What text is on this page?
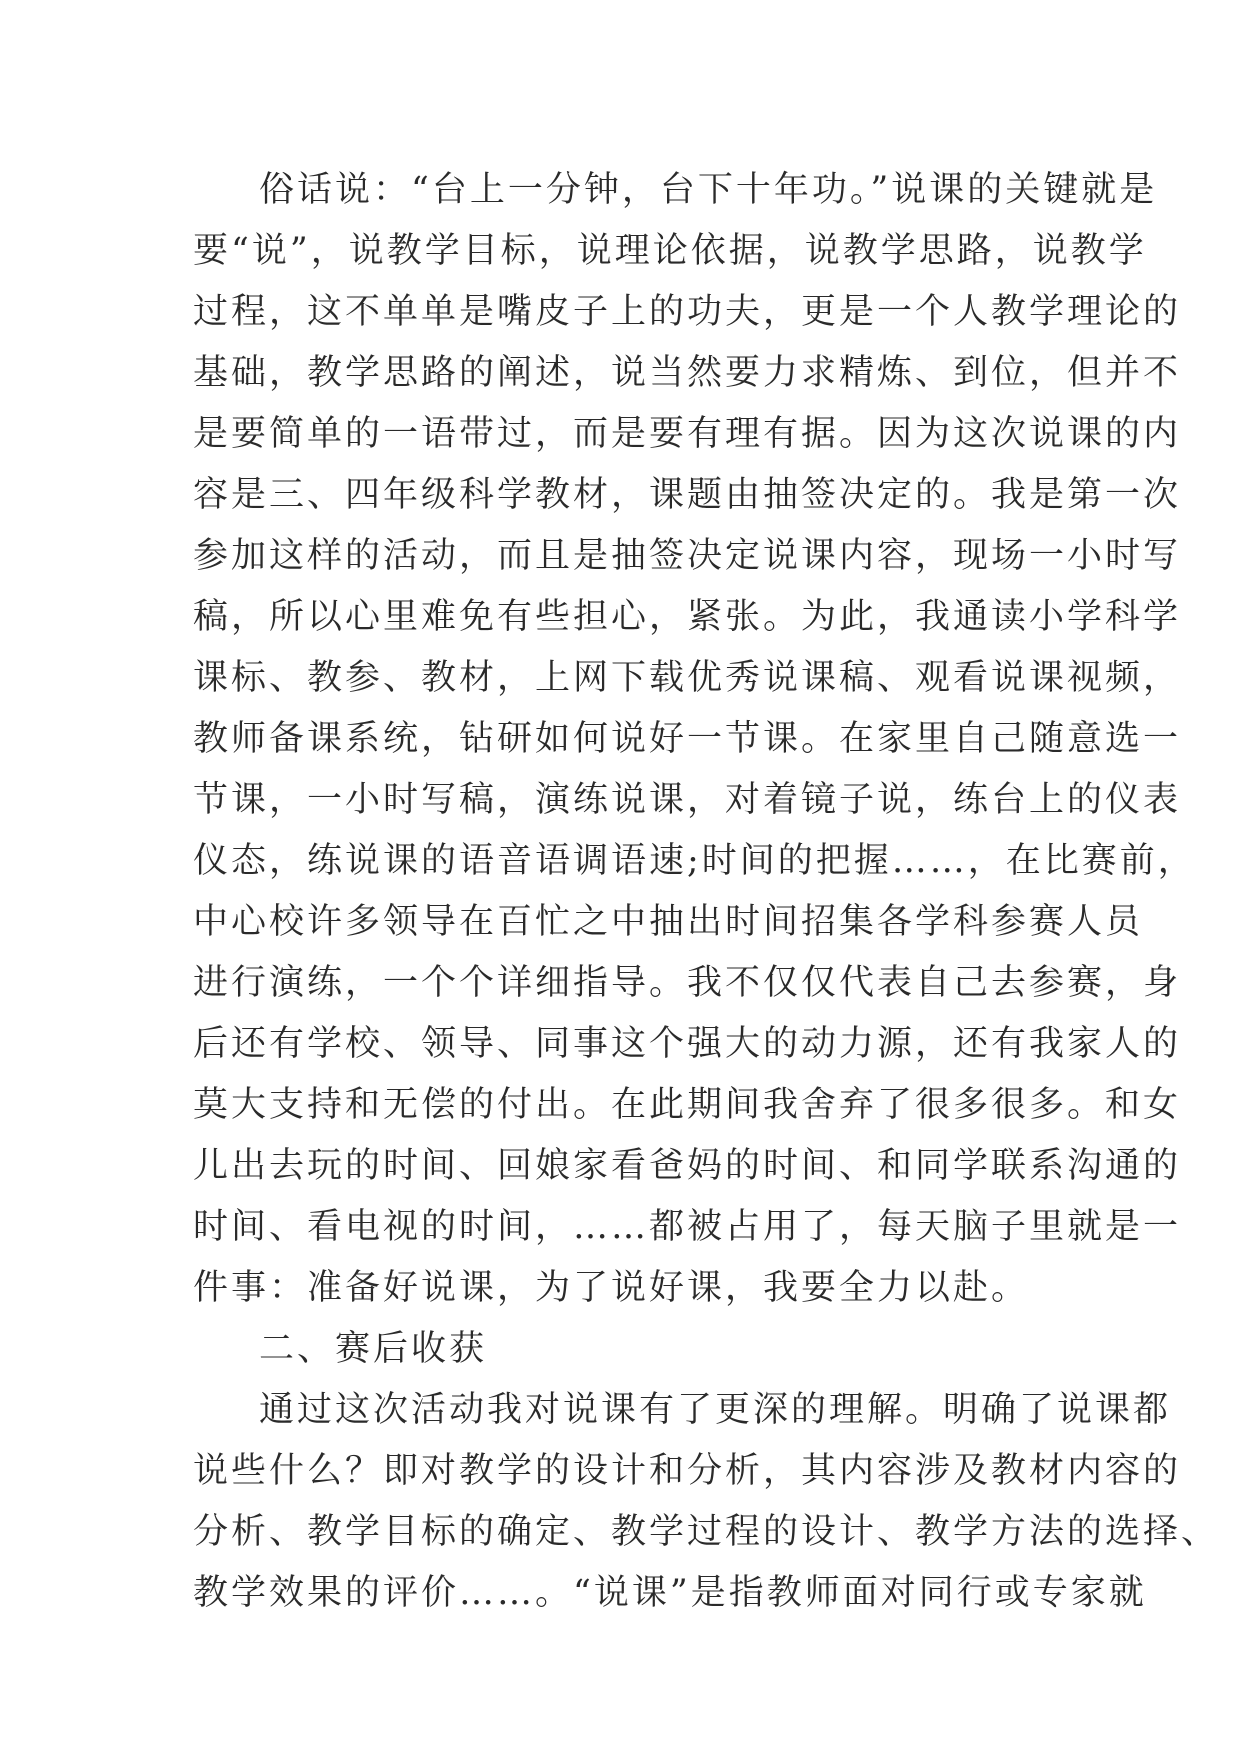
俗话说：“台上一分钟，台下十年功。”说课的关键就是
要“说”，说教学目标，说理论依据，说教学思路，说教学
过程，这不单单是嘴皮子上的功夫，更是一个人教学理论的
基础，教学思路的阐述，说当然要力求精炼、到位，但并不
是要简单的一语带过，而是要有理有据。因为这次说课的内
容是三、四年级科学教材，课题由抽签决定的。我是第一次
参加这样的活动，而且是抽签决定说课内容，现场一小时写
稿，所以心里难免有些担心，紧张。为此，我通读小学科学
课标、教参、教材，上网下载优秀说课稿、观看说课视频，
教师备课系统，钻研如何说好一节课。在家里自己随意选一
节课，一小时写稿，演练说课，对着镜子说，练台上的仪表
仪态，练说课的语音语调语速;时间的把握……，在比赛前，
中心校许多领导在百忙之中抽出时间招集各学科参赛人员
进行演练，一个个详细指导。我不仅仅代表自己去参赛，身
后还有学校、领导、同事这个强大的动力源，还有我家人的
莫大支持和无偿的付出。在此期间我舍弃了很多很多。和女
儿出去玩的时间、回娘家看爸妈的时间、和同学联系沟通的
时间、看电视的时间，……都被占用了，每天脑子里就是一
件事：准备好说课，为了说好课，我要全力以赴。
二、赛后收获
通过这次活动我对说课有了更深的理解。明确了说课都
说些什么？即对教学的设计和分析，其内容涉及教材内容的
分析、教学目标的确定、教学过程的设计、教学方法的选择、
教学效果的评价……。“说课”是指教师面对同行或专家就
